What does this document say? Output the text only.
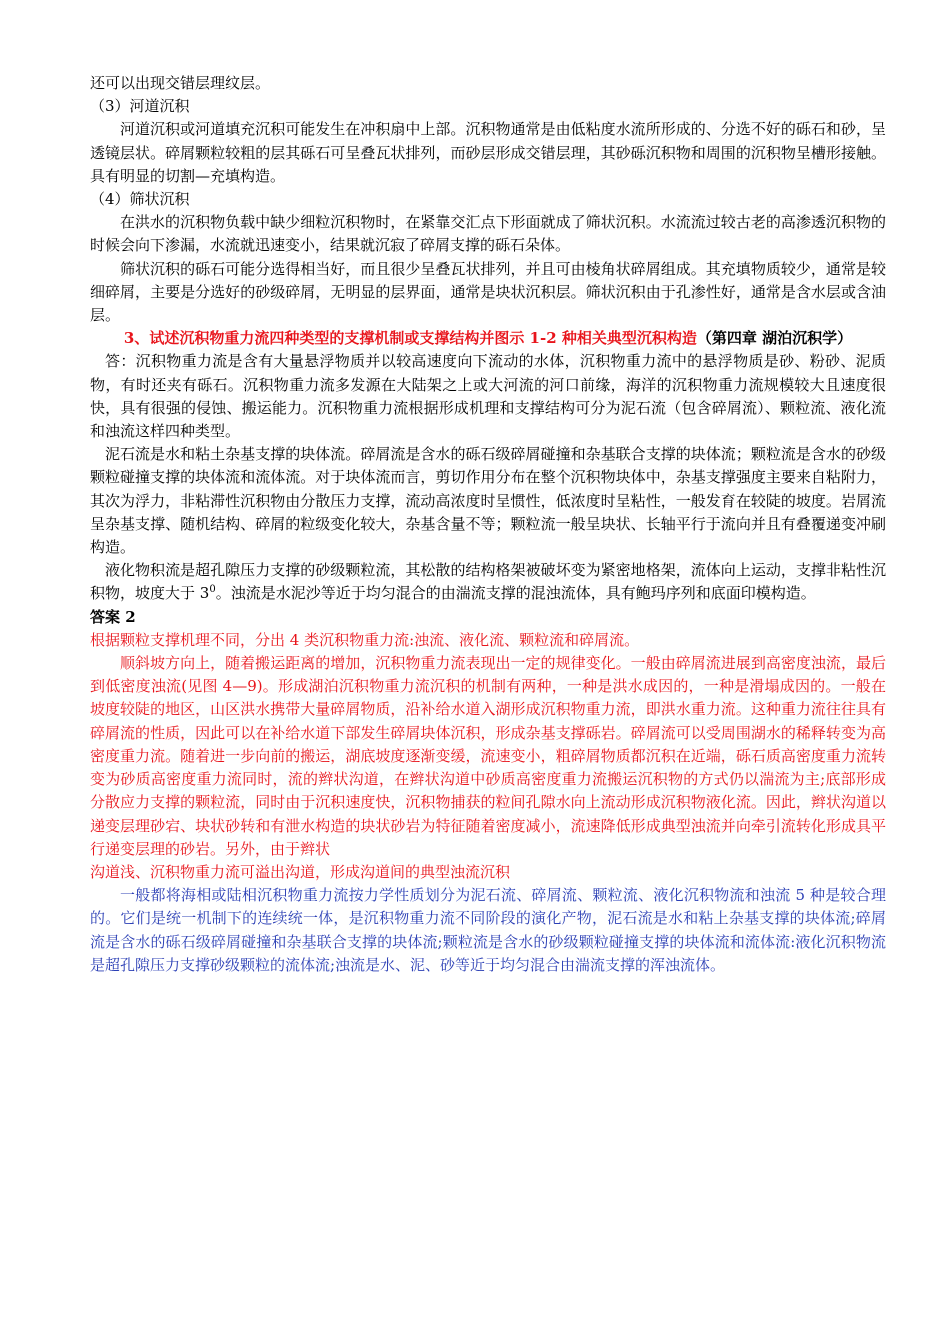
还可以出现交错层理纹层。

（3）河道沉积

河道沉积或河道填充沉积可能发生在冲积扇中上部。沉积物通常是由低粘度水流所形成的、分选不好的砾石和砂，呈透镜层状。碎屑颗粒较粗的层其砾石可呈叠瓦状排列，而砂层形成交错层理，其砂砾沉积物和周围的沉积物呈槽形接触。具有明显的切割—充填构造。

（4）筛状沉积

在洪水的沉积物负载中缺少细粒沉积物时，在紧靠交汇点下形面就成了筛状沉积。水流流过较古老的高渗透沉积物的时候会向下渗漏，水流就迅速变小，结果就沉寂了碎屑支撑的砾石朵体。

筛状沉积的砾石可能分选得相当好，而且很少呈叠瓦状排列，并且可由棱角状碎屑组成。其充填物质较少，通常是较细碎屑，主要是分选好的砂级碎屑，无明显的层界面，通常是块状沉积层。筛状沉积由于孔渗性好，通常是含水层或含油层。

3、试述沉积物重力流四种类型的支撑机制或支撑结构并图示 1-2 种相关典型沉积构造（第四章 湖泊沉积学）

答：沉积物重力流是含有大量悬浮物质并以较高速度向下流动的水体，沉积物重力流中的悬浮物质是砂、粉砂、泥质物，有时还夹有砾石。沉积物重力流多发源在大陆架之上或大河流的河口前缘，海洋的沉积物重力流规模较大且速度很快，具有很强的侵蚀、搬运能力。沉积物重力流根据形成机理和支撑结构可分为泥石流（包含碎屑流）、颗粒流、液化流和浊流这样四种类型。

泥石流是水和粘土杂基支撑的块体流。碎屑流是含水的砾石级碎屑碰撞和杂基联合支撑的块体流；颗粒流是含水的砂级颗粒碰撞支撑的块体流和流体流。对于块体流而言，剪切作用分布在整个沉积物块体中，杂基支撑强度主要来自粘附力，其次为浮力，非粘滞性沉积物由分散压力支撑，流动高浓度时呈惯性，低浓度时呈粘性，一般发育在较陡的坡度。岩屑流呈杂基支撑、随机结构、碎屑的粒级变化较大，杂基含量不等；颗粒流一般呈块状、长轴平行于流向并且有叠覆递变冲刷构造。

液化物积流是超孔隙压力支撑的砂级颗粒流，其松散的结构格架被破坏变为紧密地格架，流体向上运动，支撑非粘性沉积物，坡度大于 $3^0$。浊流是水泥沙等近于均匀混合的由湍流支撑的混浊流体，具有鲍玛序列和底面印模构造。

答案 2

根据颗粒支撑机理不同，分出 4 类沉积物重力流:浊流、液化流、颗粒流和碎屑流。

顺斜坡方向上，随着搬运距离的增加，沉积物重力流表现出一定的规律变化。一般由碎屑流进展到高密度浊流，最后到低密度浊流(见图 4—9)。形成湖泊沉积物重力流沉积的机制有两种，一种是洪水成因的，一种是滑塌成因的。一般在坡度较陡的地区，山区洪水携带大量碎屑物质，沿补给水道入湖形成沉积物重力流，即洪水重力流。这种重力流往往具有碎屑流的性质，因此可以在补给水道下部发生碎屑块体沉积，形成杂基支撑砾岩。碎屑流可以受周围湖水的稀释转变为高密度重力流。随着进一步向前的搬运，湖底坡度逐渐变缓，流速变小，粗碎屑物质都沉积在近端，砾石质高密度重力流转变为砂质高密度重力流同时，流的辫状沟道，在辫状沟道中砂质高密度重力流搬运沉积物的方式仍以湍流为主;底部形成分散应力支撑的颗粒流，同时由于沉积速度快，沉积物捕获的粒间孔隙水向上流动形成沉积物液化流。因此，辫状沟道以递变层理砂宕、块状砂转和有泄水构造的块状砂岩为特征随着密度减小，流速降低形成典型浊流并向牵引流转化形成具平行递变层理的砂岩。另外，由于辫状

沟道浅、沉积物重力流可溢出沟道，形成沟道间的典型浊流沉积

一般都将海相或陆相沉积物重力流按力学性质划分为泥石流、碎屑流、颗粒流、液化沉积物流和浊流 5 种是较合理的。它们是统一机制下的连续统一体，是沉积物重力流不同阶段的演化产物，泥石流是水和粘上杂基支撑的块体流;碎屑流是含水的砾石级碎屑碰撞和杂基联合支撑的块体流;颗粒流是含水的砂级颗粒碰撞支撑的块体流和流体流:液化沉积物流是超孔隙压力支撑砂级颗粒的流体流;浊流是水、泥、砂等近于均匀混合由湍流支撑的浑浊流体。
